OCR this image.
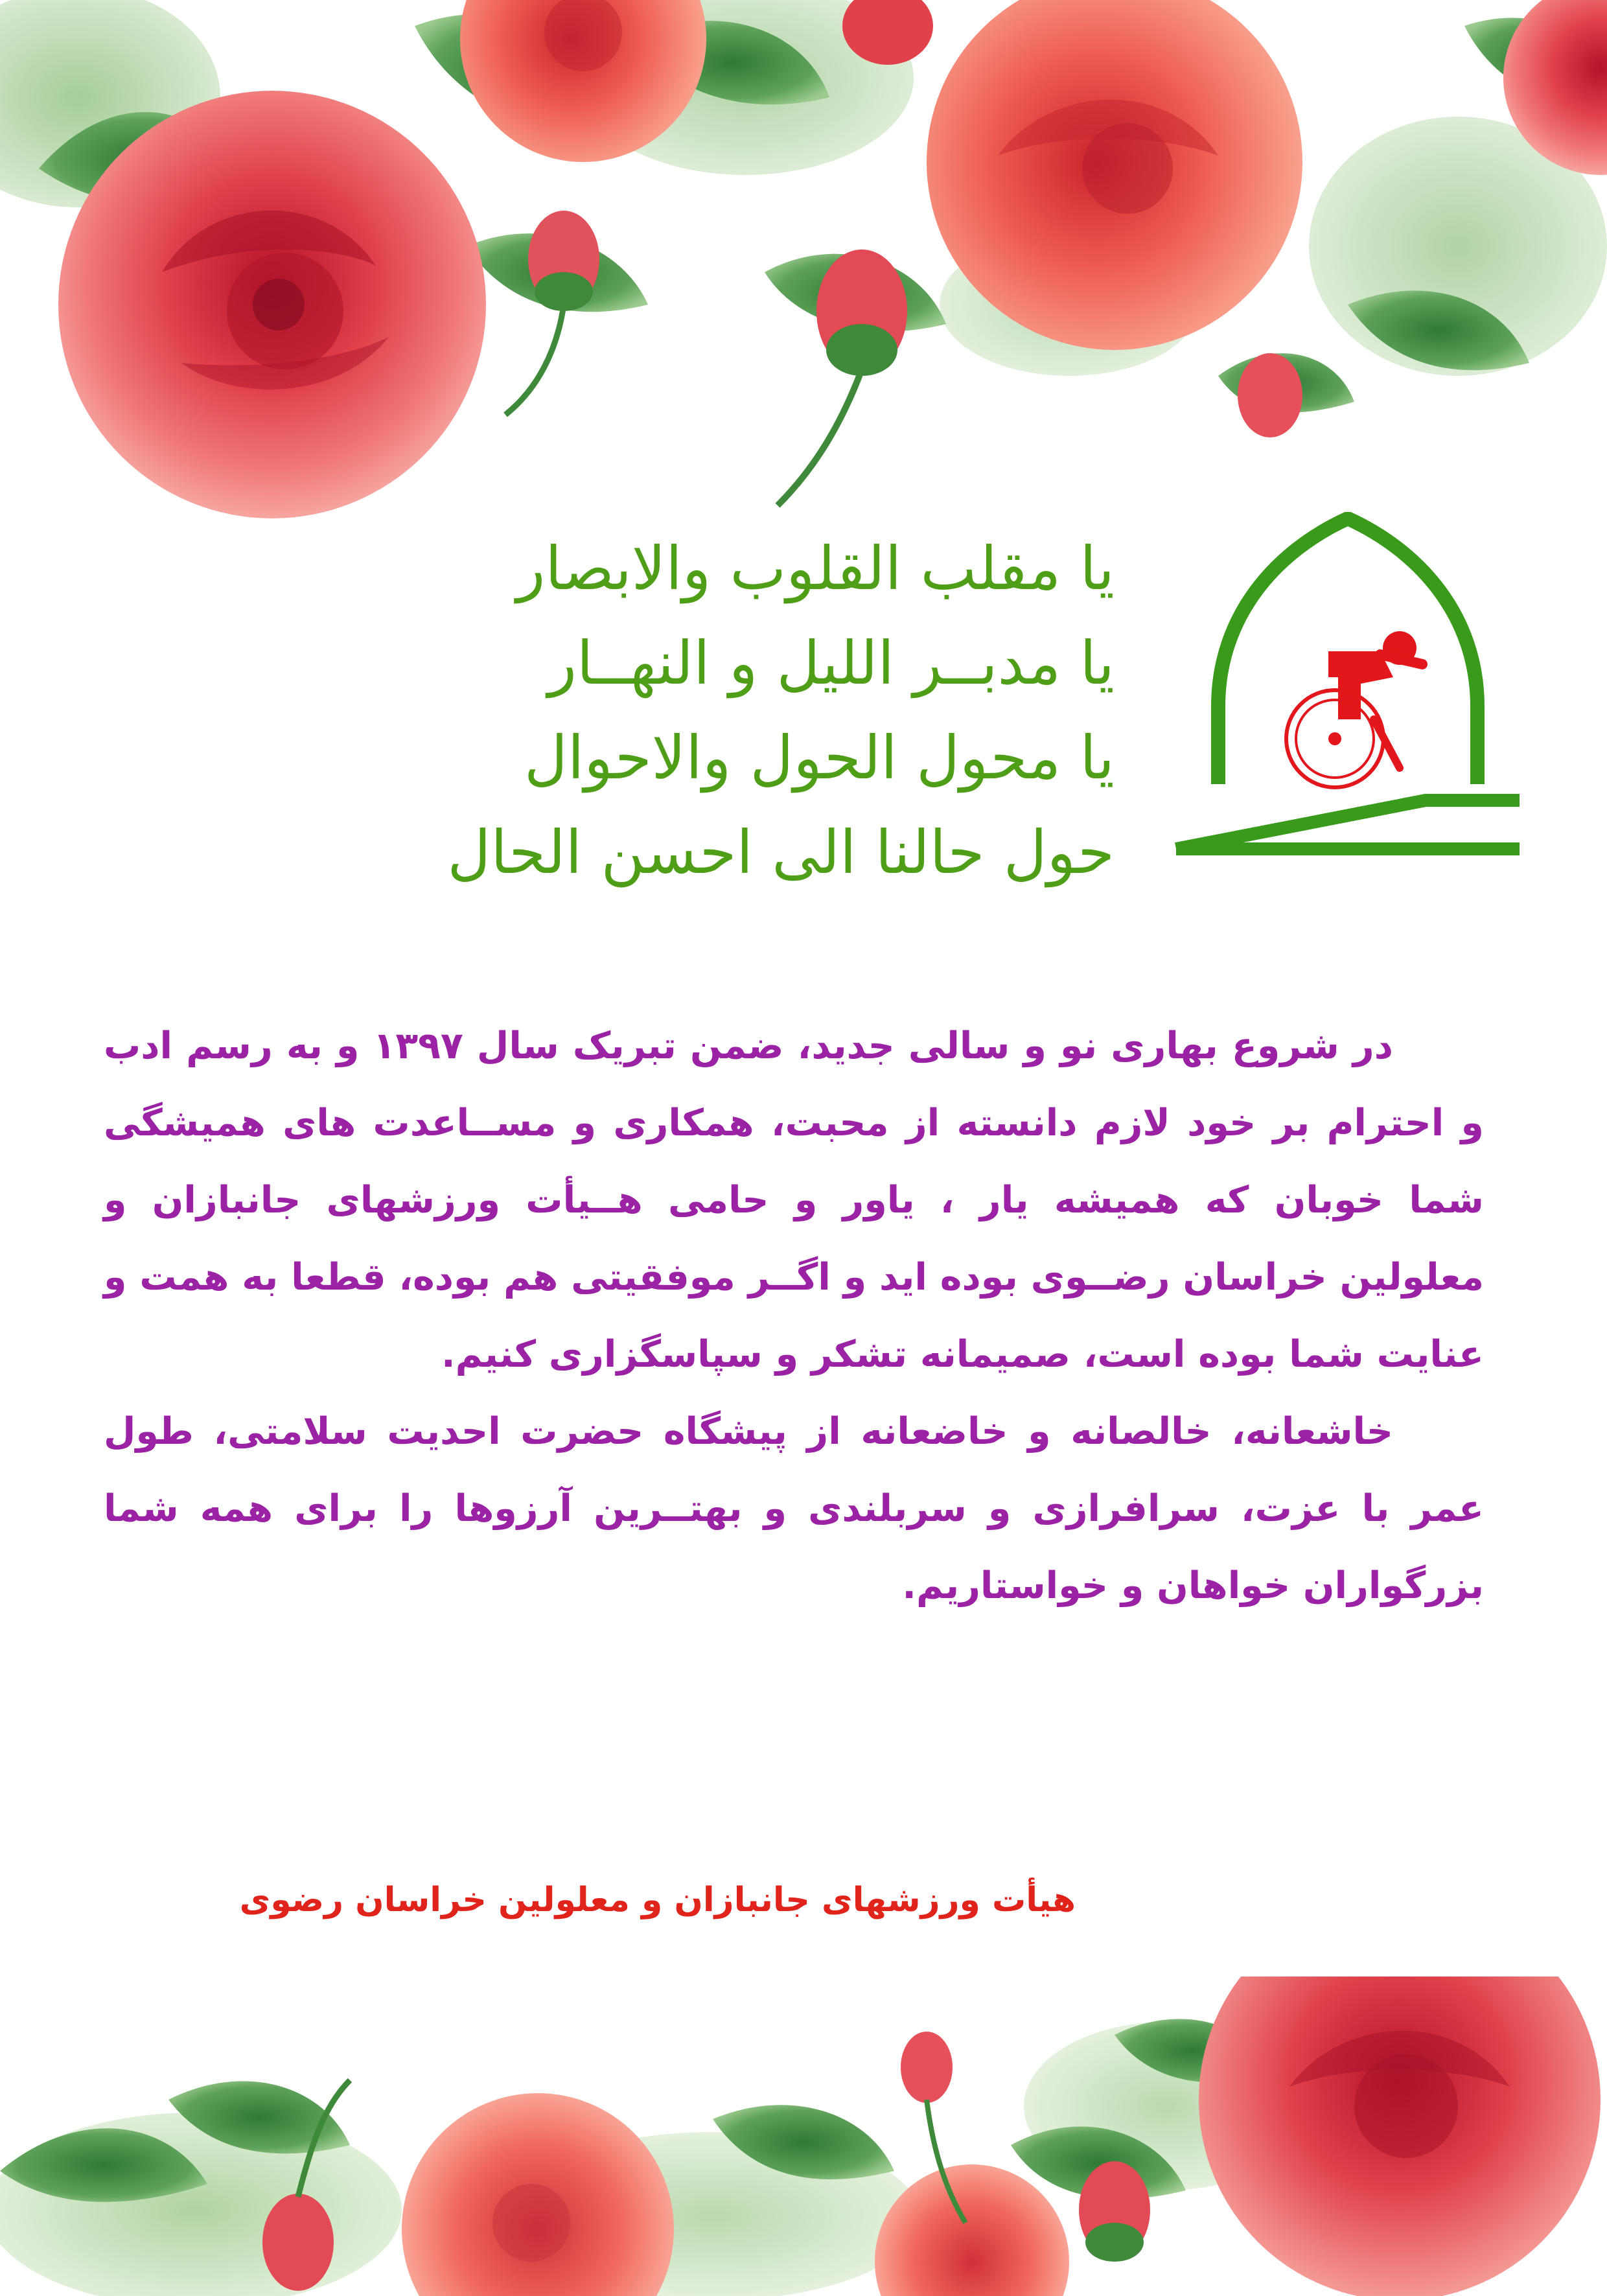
یا مقلب القلوب والابصار
یا مدبــر اللیل و النهــار
یا محول الحول والاحوال
حول حالنا الی احسن الحال

در شروع بهاری نو و سالی جدید، ضمن تبریک سال ۱۳۹۷ و به رسم ادب و احترام بر خود لازم دانسته از محبت، همکاری و مســاعدت های همیشگی شما خوبان که همیشه یار ، یاور و حامی هــیأت ورزشهای جانبازان و معلولین خراسان رضــوی بوده اید و اگــر موفقیتی هم بوده، قطعا به همت و عنایت شما بوده است، صمیمانه تشکر و سپاسگزاری کنیم.

خاشعانه، خالصانه و خاضعانه از پیشگاه حضرت احدیت سلامتی، طول عمر با عزت، سرافرازی و سربلندی و بهتــرین آرزوها را برای همه شما بزرگواران خواهان و خواستاریم.

هیأت ورزشهای جانبازان و معلولین خراسان رضوی
